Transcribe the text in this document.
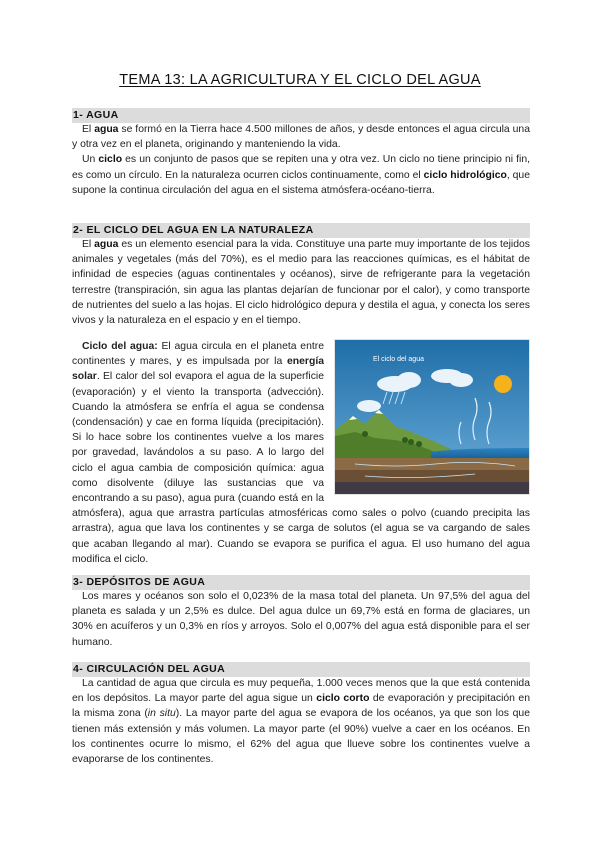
TEMA 13: LA AGRICULTURA Y EL CICLO DEL AGUA
1- AGUA

El agua se formó en la Tierra hace 4.500 millones de años, y desde entonces el agua circula una y otra vez en el planeta, originando y manteniendo la vida.

Un ciclo es un conjunto de pasos que se repiten una y otra vez. Un ciclo no tiene principio ni fin, es como un círculo. En la naturaleza ocurren ciclos continuamente, como el ciclo hidrológico, que supone la continua circulación del agua en el sistema atmósfera-océano-tierra.

2- EL CICLO DEL AGUA EN LA NATURALEZA

El agua es un elemento esencial para la vida. Constituye una parte muy importante de los tejidos animales y vegetales (más del 70%), es el medio para las reacciones químicas, es el hábitat de infinidad de especies (aguas continentales y océanos), sirve de refrigerante para la vegetación terrestre (transpiración, sin agua las plantas dejarían de funcionar por el calor), y como transporte de nutrientes del suelo a las hojas. El ciclo hidrológico depura y destila el agua, y conecta los seres vivos y la naturaleza en el espacio y en el tiempo.

El ciclo del agua

Ciclo del agua: El agua circula en el planeta entre continentes y mares, y es impulsada por la energía solar. El calor del sol evapora el agua de la superficie (evaporación) y el viento la transporta (advección). Cuando la atmósfera se enfría el agua se condensa (condensación) y cae en forma líquida (precipitación). Si lo hace sobre los continentes vuelve a los mares por gravedad, lavándolos a su paso. A lo largo del ciclo el agua cambia de composición química: agua como disolvente (diluye las sustancias que va encontrando a su paso), agua pura (cuando está en la atmósfera), agua que arrastra partículas atmosféricas como sales o polvo (cuando precipita las arrastra), agua que lava los continentes y se carga de solutos (el agua se va cargando de sales que acaban llegando al mar). Cuando se evapora se purifica el agua. El uso humano del agua modifica el ciclo.

3- DEPÓSITOS DE AGUA

Los mares y océanos son solo el 0,023% de la masa total del planeta. Un 97,5% del agua del planeta es salada y un 2,5% es dulce. Del agua dulce un 69,7% está en forma de glaciares, un 30% en acuíferos y un 0,3% en ríos y arroyos. Solo el 0,007% del agua está disponible para el ser humano.

4- CIRCULACIÓN DEL AGUA

La cantidad de agua que circula es muy pequeña, 1.000 veces menos que la que está contenida en los depósitos. La mayor parte del agua sigue un ciclo corto de evaporación y precipitación en la misma zona (in situ). La mayor parte del agua se evapora de los océanos, ya que son los que tienen más extensión y más volumen. La mayor parte (el 90%) vuelve a caer en los océanos. En los continentes ocurre lo mismo, el 62% del agua que llueve sobre los continentes vuelve a evaporarse de los continentes.
